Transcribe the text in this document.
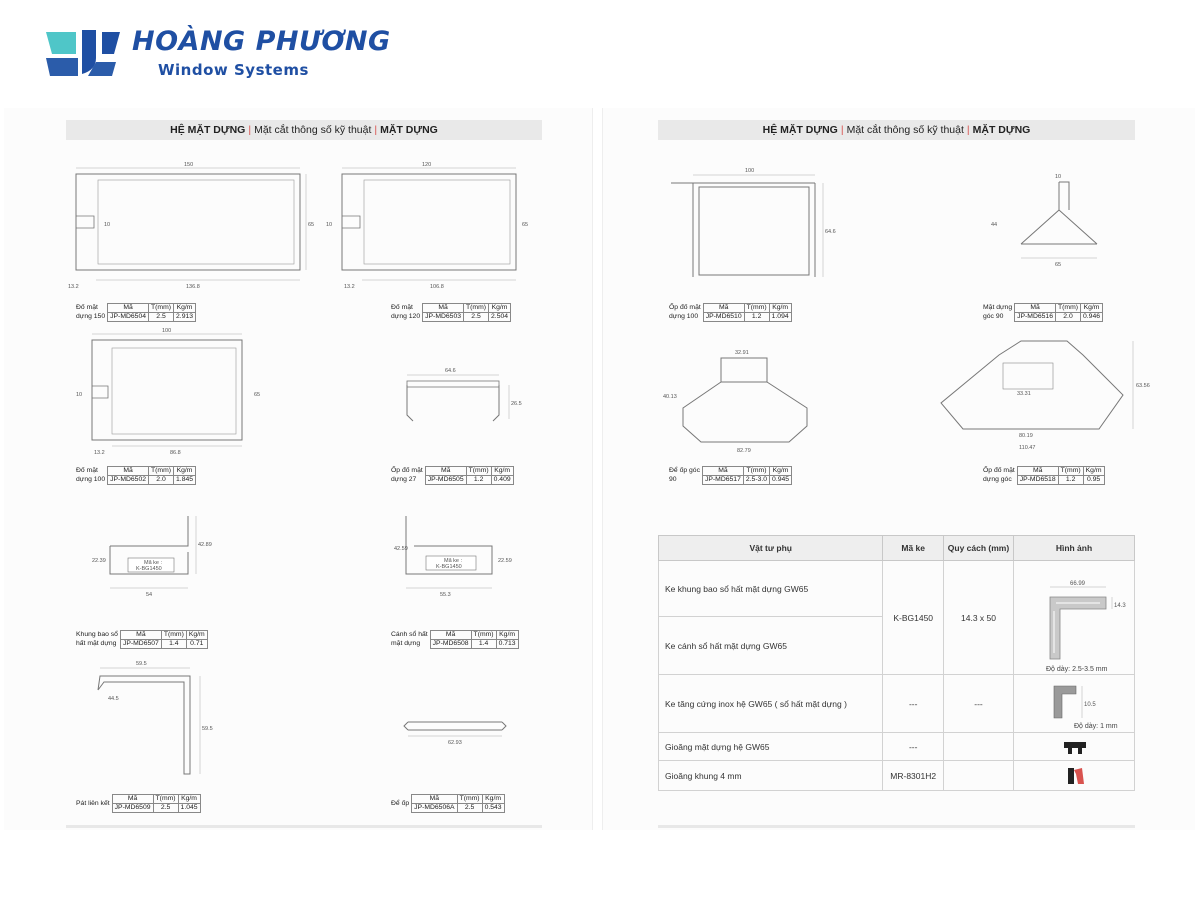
HOÀNG PHƯƠNG
Window Systems
HỆ MẶT DỰNG | Mặt cắt thông số kỹ thuật | MẶT DỰNG
150
136.8
65
10
13.2
Đố mặt	Mã	T(mm)	Kg/m
dựng 150	JP-MD6504	2.5	2.913
120
106.8
65
10
13.2
Đố mặt	Mã	T(mm)	Kg/m
dựng 120	JP-MD6503	2.5	2.504
100
86.8
65
10
13.2
Đố mặt	Mã	T(mm)	Kg/m
dựng 100	JP-MD6502	2.0	1.845
64.6
26.5
Ốp đố mặt	Mã	T(mm)	Kg/m
dựng 27	JP-MD6505	1.2	0.409
Mã ke :
K-BG1450
54
22.39
42.89
Khung bao sổ	Mã	T(mm)	Kg/m
hất mặt dựng	JP-MD6507	1.4	0.71
Mã ke :
K-BG1450
55.3
42.59
22.59
Cánh sổ hất	Mã	T(mm)	Kg/m
mặt dựng	JP-MD6508	1.4	0.713
59.5
59.5
44.5
Pát liên kết	Mã	T(mm)	Kg/m
	JP-MD6509	2.5	1.045
62.93
Để ốp	Mã	T(mm)	Kg/m
	JP-MD6506A	2.5	0.543
HỆ MẶT DỰNG | Mặt cắt thông số kỹ thuật | MẶT DỰNG
100
64.6
Ốp đố mặt	Mã	T(mm)	Kg/m
dựng 100	JP-MD6510	1.2	1.094
10
65
44
Mặt dựng	Mã	T(mm)	Kg/m
góc 90	JP-MD6516	2.0	0.946
32.91
82.79
40.13
Để ốp góc	Mã	T(mm)	Kg/m
90	JP-MD6517	2.5-3.0	0.945
33.31
80.19
110.47
63.56
Ốp đố mặt	Mã	T(mm)	Kg/m
dựng góc	JP-MD6518	1.2	0.95
Vật tư phụ	Mã ke	Quy cách (mm)	Hình ảnh
Ke khung bao sổ hất mặt dựng GW65	K-BG1450	14.3 x 50	66.99
14.3
Độ dày: 2.5-3.5 mm

Ke cánh sổ hất mặt dựng GW65			
Ke tăng cứng inox hệ GW65 ( sổ hất mặt dựng )	---	---	10.5
Độ dày: 1 mm

Gioăng mặt dựng hệ GW65	---		

Gioăng khung 4 mm	MR-8301H2		
